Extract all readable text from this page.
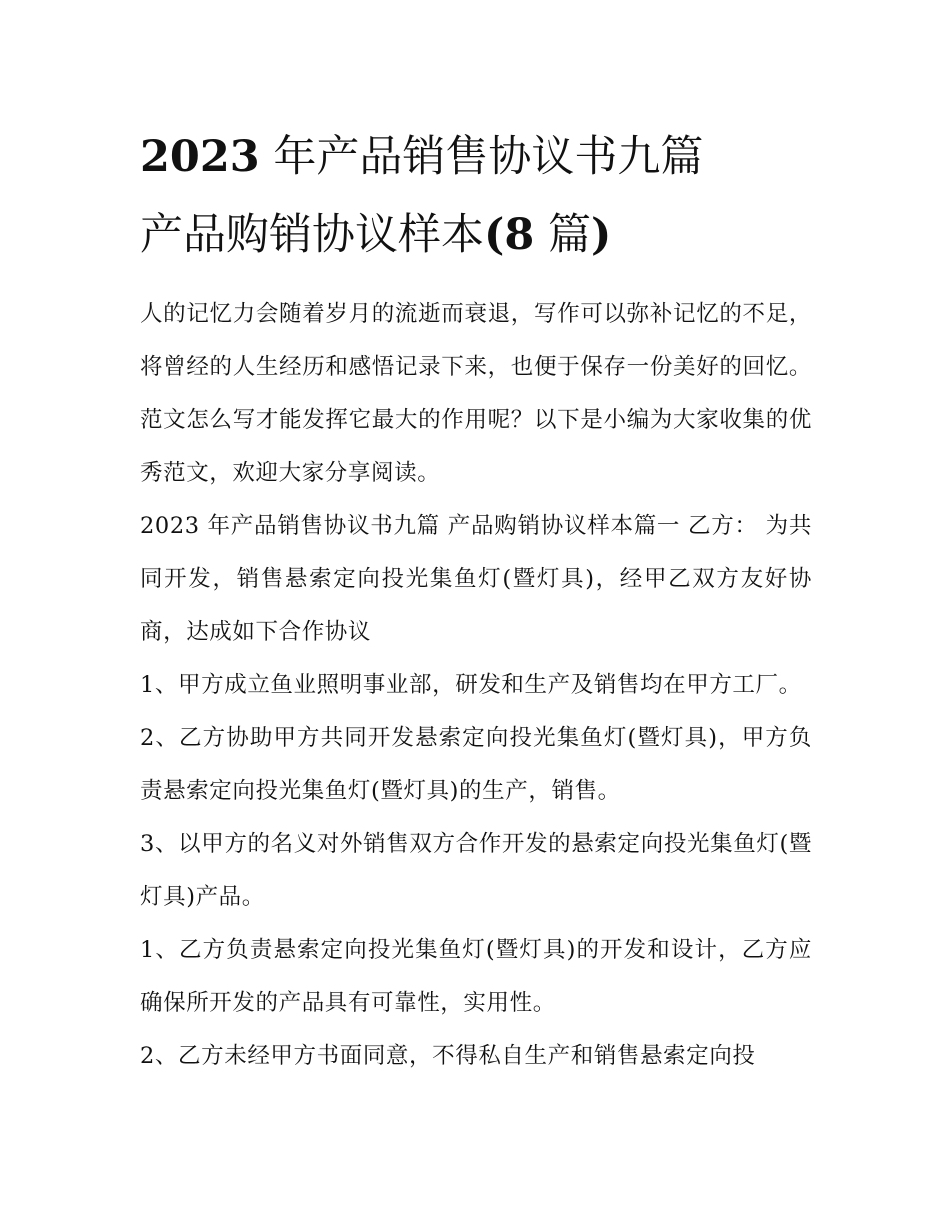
2023 年产品销售协议书九篇
产品购销协议样本(8 篇)

人的记忆力会随着岁月的流逝而衰退，写作可以弥补记忆的不足，将曾经的人生经历和感悟记录下来，也便于保存一份美好的回忆。范文怎么写才能发挥它最大的作用呢？以下是小编为大家收集的优秀范文，欢迎大家分享阅读。

2023 年产品销售协议书九篇 产品购销协议样本篇一 乙方： 为共同开发，销售悬索定向投光集鱼灯(暨灯具)，经甲乙双方友好协商，达成如下合作协议

1、甲方成立鱼业照明事业部，研发和生产及销售均在甲方工厂。

2、乙方协助甲方共同开发悬索定向投光集鱼灯(暨灯具)，甲方负责悬索定向投光集鱼灯(暨灯具)的生产，销售。

3、以甲方的名义对外销售双方合作开发的悬索定向投光集鱼灯(暨灯具)产品。

1、乙方负责悬索定向投光集鱼灯(暨灯具)的开发和设计，乙方应确保所开发的产品具有可靠性，实用性。

2、乙方未经甲方书面同意，不得私自生产和销售悬索定向投
